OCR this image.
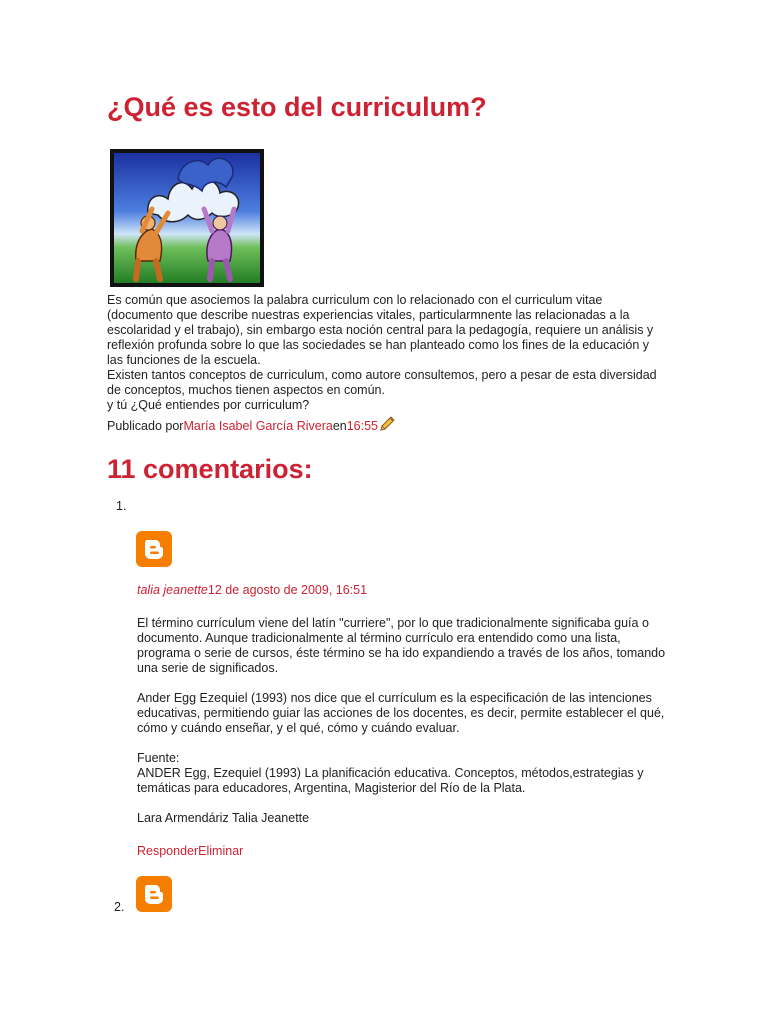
¿Qué es esto del curriculum?

Es común que asociemos la palabra curriculum con lo relacionado con el curriculum vitae (documento que describe nuestras experiencias vitales, particularmnente las relacionadas a la escolaridad y el trabajo), sin embargo esta noción central para la pedagogía, requiere un análisis y reflexión profunda sobre lo que las sociedades se han planteado como los fines de la educación y las funciones de la escuela.

Existen tantos conceptos de curriculum, como autore consultemos, pero a pesar de esta diversidad de conceptos, muchos tienen aspectos en común.

y tú ¿Qué entiendes por curriculum?

Publicado porMaría Isabel García Riveraen16:55
11 comentarios:
1.
talia jeanette12 de agosto de 2009, 16:51

El término currículum viene del latín "curriere", por lo que tradicionalmente significaba guía o documento. Aunque tradicionalmente al término currículo era entendido como una lista, programa o serie de cursos, éste término se ha ido expandiendo a través de los años, tomando una serie de significados.

Ander Egg Ezequiel (1993) nos dice que el currículum es la especificación de las intenciones educativas, permitiendo guiar las acciones de los docentes, es decir, permite establecer el qué, cómo y cuándo enseñar, y el qué, cómo y cuándo evaluar.

Fuente:
ANDER Egg, Ezequiel (1993) La planificación educativa. Conceptos, métodos,estrategias y temáticas para educadores, Argentina, Magisterior del Río de la Plata.

Lara Armendáriz Talia Jeanette

ResponderEliminar
2.
